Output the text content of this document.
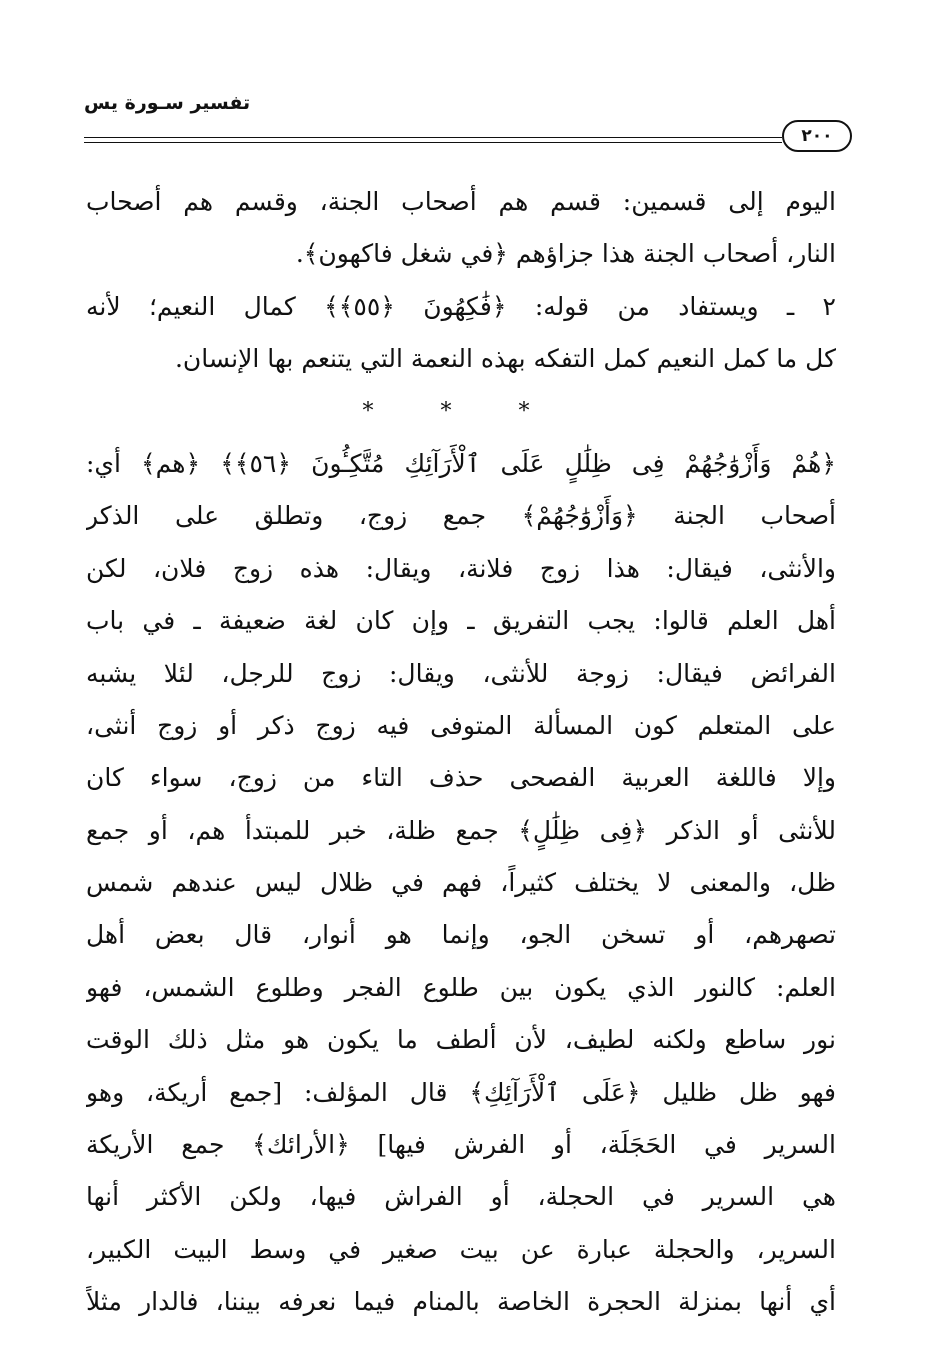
تفسير سـورة يس
٢٠٠
اليوم إلى قسمين: قسم هم أصحاب الجنة، وقسم هم أصحاب
النار، أصحاب الجنة هذا جزاؤهم ﴿في شغل فاكهون﴾.
٢ ـ ويستفاد من قوله: ﴿فَٰكِهُونَ ﴿٥٥﴾﴾ كمال النعيم؛ لأنه
كل ما كمل النعيم كمل التفكه بهذه النعمة التي يتنعم بها الإنسان.
* * *
﴿هُمْ وَأَزْوَٰجُهُمْ فِى ظِلَٰلٍ عَلَى ٱلْأَرَآئِكِ مُتَّكِـُٔونَ ﴿٥٦﴾﴾ ﴿هم﴾ أي:
أصحاب الجنة ﴿وَأَزْوَٰجُهُمْ﴾ جمع زوج، وتطلق على الذكر
والأنثى، فيقال: هذا زوج فلانة، ويقال: هذه زوج فلان، لكن
أهل العلم قالوا: يجب التفريق ـ وإن كان لغة ضعيفة ـ في باب
الفرائض فيقال: زوجة للأنثى، ويقال: زوج للرجل، لئلا يشبه
على المتعلم كون المسألة المتوفى فيه زوج ذكر أو زوج أنثى،
وإلا فاللغة العربية الفصحى حذف التاء من زوج، سواء كان
للأنثى أو الذكر ﴿فِى ظِلَٰلٍ﴾ جمع ظلة، خبر للمبتدأ هم، أو جمع
ظل، والمعنى لا يختلف كثيراً، فهم في ظلال ليس عندهم شمس
تصهرهم، أو تسخن الجو، وإنما هو أنوار، قال بعض أهل
العلم: كالنور الذي يكون بين طلوع الفجر وطلوع الشمس، فهو
نور ساطع ولكنه لطيف، لأن ألطف ما يكون هو مثل ذلك الوقت
فهو ظل ظليل ﴿عَلَى ٱلْأَرَآئِكِ﴾ قال المؤلف: [جمع أريكة، وهو
السرير في الحَجَلَة، أو الفرش فيها] ﴿الأرائك﴾ جمع الأريكة
هي السرير في الحجلة، أو الفراش فيها، ولكن الأكثر أنها
السرير، والحجلة عبارة عن بيت صغير في وسط البيت الكبير،
أي أنها بمنزلة الحجرة الخاصة بالمنام فيما نعرفه بيننا، فالدار مثلاً
